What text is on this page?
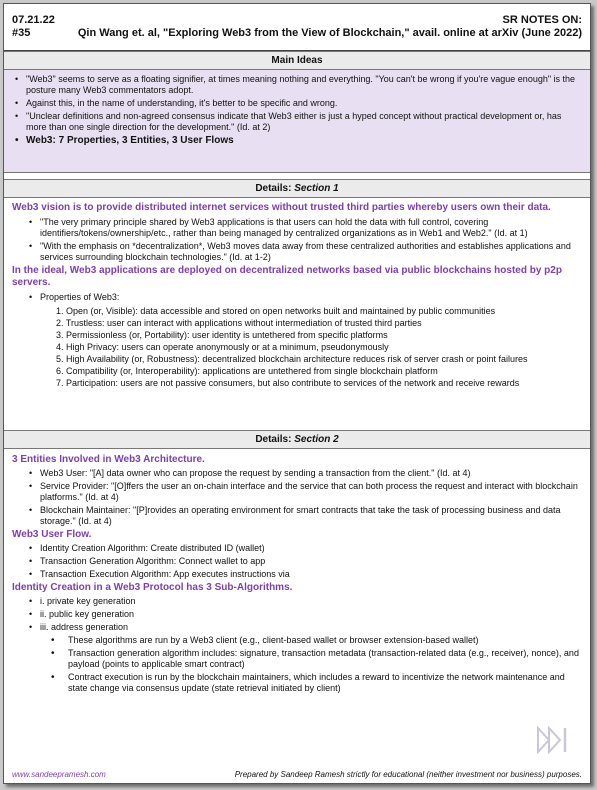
07.21.22
#35
SR NOTES ON:
Qin Wang et. al, "Exploring Web3 from the View of Blockchain," avail. online at arXiv (June 2022)
Main Ideas
• "Web3" seems to serve as a floating signifier, at times meaning nothing and everything. "You can't be wrong if you're vague enough" is the posture many Web3 commentators adopt.
• Against this, in the name of understanding, it's better to be specific and wrong.
• "Unclear definitions and non-agreed consensus indicate that Web3 either is just a hyped concept without practical development or, has more than one single direction for the development." (Id. at 2)
• Web3: 7 Properties, 3 Entities, 3 User Flows
Details: Section 1
Web3 vision is to provide distributed internet services without trusted third parties whereby users own their data.
• "The very primary principle shared by Web3 applications is that users can hold the data with full control, covering identifiers/tokens/ownership/etc., rather than being managed by centralized organizations as in Web1 and Web2." (Id. at 1)
• "With the emphasis on *decentralization*, Web3 moves data away from these centralized authorities and establishes applications and services surrounding blockchain technologies." (Id. at 1-2)
In the ideal, Web3 applications are deployed on decentralized networks based via public blockchains hosted by p2p servers.
• Properties of Web3:
1. Open (or, Visible): data accessible and stored on open networks built and maintained by public communities
2. Trustless: user can interact with applications without intermediation of trusted third parties
3. Permissionless (or, Portability): user identity is untethered from specific platforms
4. High Privacy: users can operate anonymously or at a minimum, pseudonymously
5. High Availability (or, Robustness): decentralized blockchain architecture reduces risk of server crash or point failures
6. Compatibility (or, Interoperability): applications are untethered from single blockchain platform
7. Participation: users are not passive consumers, but also contribute to services of the network and receive rewards
Details: Section 2
3 Entities Involved in Web3 Architecture.
• Web3 User: "[A] data owner who can propose the request by sending a transaction from the client." (Id. at 4)
• Service Provider: "[O]ffers the user an on-chain interface and the service that can both process the request and interact with blockchain platforms." (Id. at 4)
• Blockchain Maintainer: "[P]rovides an operating environment for smart contracts that take the task of processing business and data storage." (Id. at 4)
Web3 User Flow.
• Identity Creation Algorithm: Create distributed ID (wallet)
• Transaction Generation Algorithm: Connect wallet to app
• Transaction Execution Algorithm: App executes instructions via
Identity Creation in a Web3 Protocol has 3 Sub-Algorithms.
• i. private key generation
• ii. public key generation
• iii. address generation
• These algorithms are run by a Web3 client (e.g., client-based wallet or browser extension-based wallet)
• Transaction generation algorithm includes: signature, transaction metadata (transaction-related data (e.g., receiver), nonce), and payload (points to applicable smart contract)
• Contract execution is run by the blockchain maintainers, which includes a reward to incentivize the network maintenance and state change via consensus update (state retrieval initiated by client)
www.sandeepramesh.com	Prepared by Sandeep Ramesh strictly for educational (neither investment nor business) purposes.
